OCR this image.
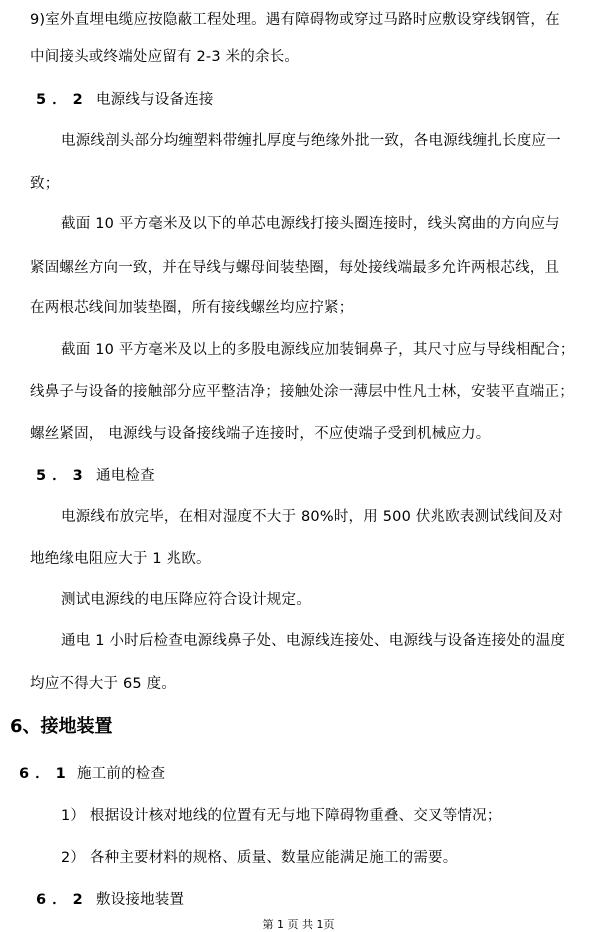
9)室外直埋电缆应按隐蔽工程处理。遇有障碍物或穿过马路时应敷设穿线钢管，在
中间接头或终端处应留有 2-3 米的余长。
5．2 电源线与设备连接
电源线剖头部分均缠塑料带缠扎厚度与绝缘外批一致，各电源线缠扎长度应一
致；
截面 10 平方毫米及以下的单芯电源线打接头圈连接时，线头窝曲的方向应与
紧固螺丝方向一致，并在导线与螺母间装垫圈，每处接线端最多允许两根芯线，且
在两根芯线间加装垫圈，所有接线螺丝均应拧紧；
截面 10 平方毫米及以上的多股电源线应加装铜鼻子，其尺寸应与导线相配合；
线鼻子与设备的接触部分应平整洁净；接触处涂一薄层中性凡士林，安装平直端正；
螺丝紧固， 电源线与设备接线端子连接时，不应使端子受到机械应力。
5．3 通电检查
电源线布放完毕，在相对湿度不大于 80%时，用 500 伏兆欧表测试线间及对
地绝缘电阻应大于 1 兆欧。
测试电源线的电压降应符合设计规定。
通电 1 小时后检查电源线鼻子处、电源线连接处、电源线与设备连接处的温度
均应不得大于 65 度。
6、接地装置
6．1 施工前的检查
1） 根据设计核对地线的位置有无与地下障碍物重叠、交叉等情况；
2） 各种主要材料的规格、质量、数量应能满足施工的需要。
6．2 敷设接地装置
第 1 页 共 1页
